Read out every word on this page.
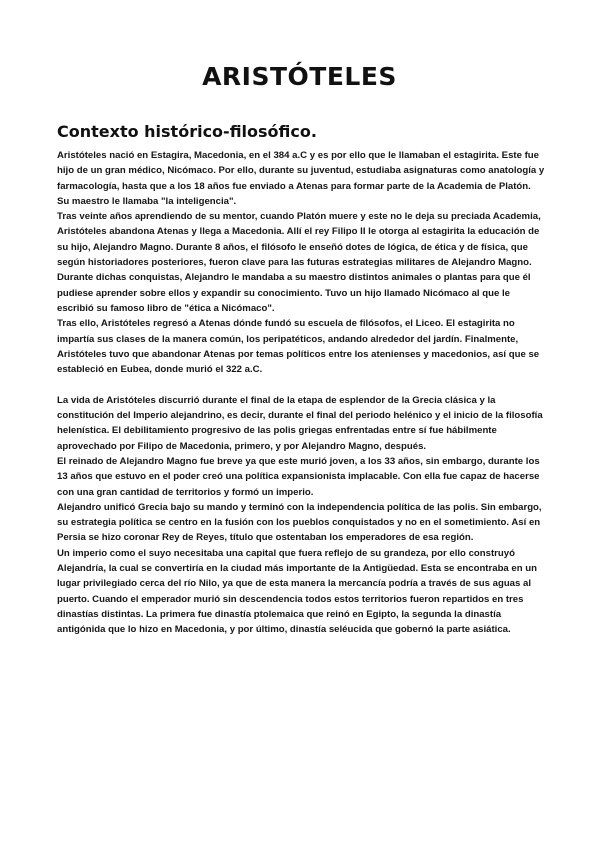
ARISTÓTELES
Contexto histórico-filosófico.

Aristóteles nació en Estagira, Macedonia, en el 384 a.C y es por ello que le llamaban el estagirita. Este fue hijo de un gran médico, Nicómaco. Por ello, durante su juventud, estudiaba asignaturas como anatología y farmacología, hasta que a los 18 años fue enviado a Atenas para formar parte de la Academia de Platón. Su maestro le llamaba "la inteligencia".

Tras veinte años aprendiendo de su mentor, cuando Platón muere y este no le deja su preciada Academia, Aristóteles abandona Atenas y llega a Macedonia. Allí el rey Filipo II le otorga al estagirita la educación de su hijo, Alejandro Magno. Durante 8 años, el filósofo le enseñó dotes de lógica, de ética y de física, que según historiadores posteriores, fueron clave para las futuras estrategias militares de Alejandro Magno. Durante dichas conquistas, Alejandro le mandaba a su maestro distintos animales o plantas para que él pudiese aprender sobre ellos y expandir su conocimiento. Tuvo un hijo llamado Nicómaco al que le escribió su famoso libro de "ética a Nicómaco".

Tras ello, Aristóteles regresó a Atenas dónde fundó su escuela de filósofos, el Liceo. El estagirita no impartía sus clases de la manera común, los peripatéticos, andando alrededor del jardín. Finalmente, Aristóteles tuvo que abandonar Atenas por temas políticos entre los atenienses y macedonios, así que se estableció en Eubea, donde murió el 322 a.C.

La vida de Aristóteles discurrió durante el final de la etapa de esplendor de la Grecia clásica y la constitución del Imperio alejandrino, es decir, durante el final del periodo helénico y el inicio de la filosofía helenística. El debilitamiento progresivo de las polis griegas enfrentadas entre sí fue hábilmente aprovechado por Filipo de Macedonia, primero, y por Alejandro Magno, después.

El reinado de Alejandro Magno fue breve ya que este murió joven, a los 33 años, sin embargo, durante los 13 años que estuvo en el poder creó una política expansionista implacable. Con ella fue capaz de hacerse con una gran cantidad de territorios y formó un imperio.

Alejandro unificó Grecia bajo su mando y terminó con la independencia política de las polis. Sin embargo, su estrategia política se centro en la fusión con los pueblos conquistados y no en el sometimiento. Así en Persia se hizo coronar Rey de Reyes, título que ostentaban los emperadores de esa región.

Un imperio como el suyo necesitaba una capital que fuera reflejo de su grandeza, por ello construyó Alejandría, la cual se convertiría en la ciudad más importante de la Antigüedad. Esta se encontraba en un lugar privilegiado cerca del río Nilo, ya que de esta manera la mercancía podría a través de sus aguas al puerto. Cuando el emperador murió sin descendencia todos estos territorios fueron repartidos en tres dinastías distintas. La primera fue dinastía ptolemaica que reinó en Egipto, la segunda la dinastía antigónida que lo hizo en Macedonia, y por último, dinastía seléucida que gobernó la parte asiática.
